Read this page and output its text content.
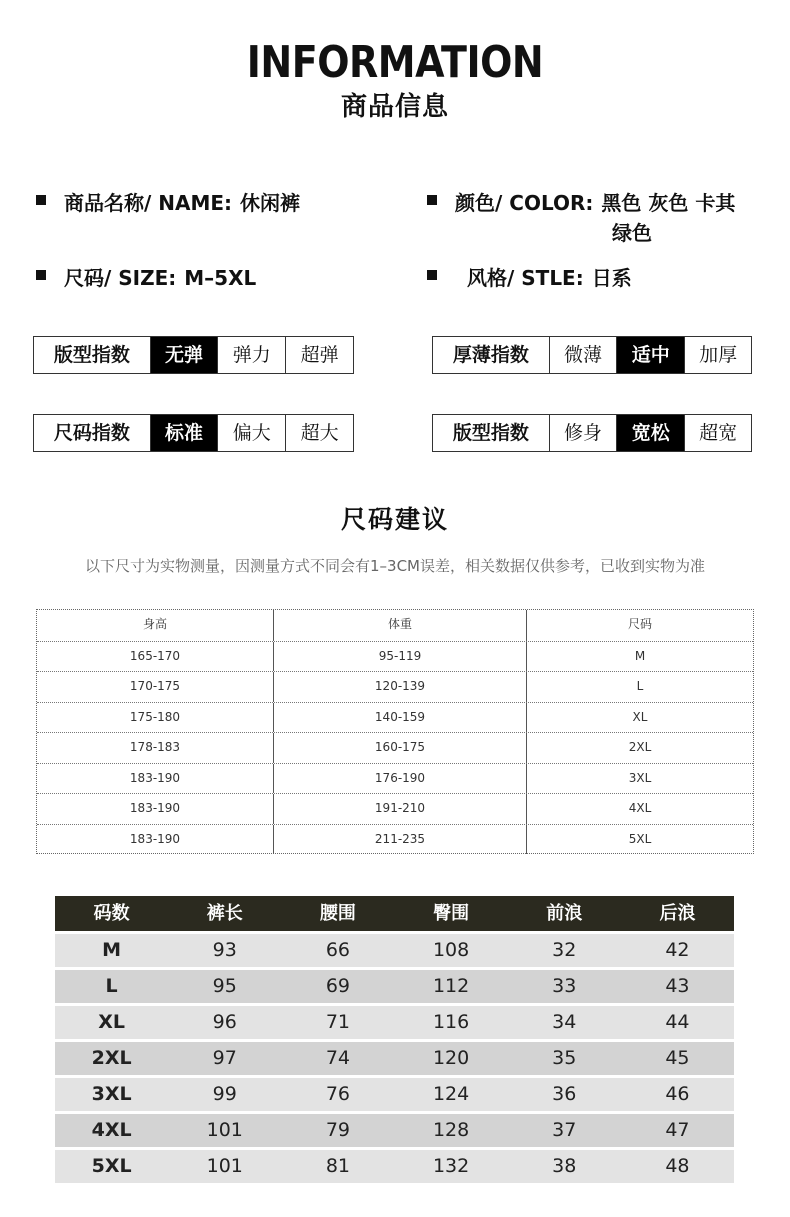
INFORMATION
商品信息
商品名称/ NAME: 休闲裤	颜色/ COLOR: 黑色 灰色 卡其
绿色
尺码/ SIZE: M–5XL	风格/ STLE: 日系
版型指数	无弹	弹力	超弹	厚薄指数	微薄	适中	加厚
尺码指数	标准	偏大	超大	版型指数	修身	宽松	超宽
尺码建议
以下尺寸为实物测量，因测量方式不同会有1–3CM误差，相关数据仅供参考，已收到实物为准
身高	体重	尺码
165-170	95-119	M
170-175	120-139	L
175-180	140-159	XL
178-183	160-175	2XL
183-190	176-190	3XL
183-190	191-210	4XL
183-190	211-235	5XL
码数	裤长	腰围	臀围	前浪	后浪
M	93	66	108	32	42
L	95	69	112	33	43
XL	96	71	116	34	44
2XL	97	74	120	35	45
3XL	99	76	124	36	46
4XL	101	79	128	37	47
5XL	101	81	132	38	48
